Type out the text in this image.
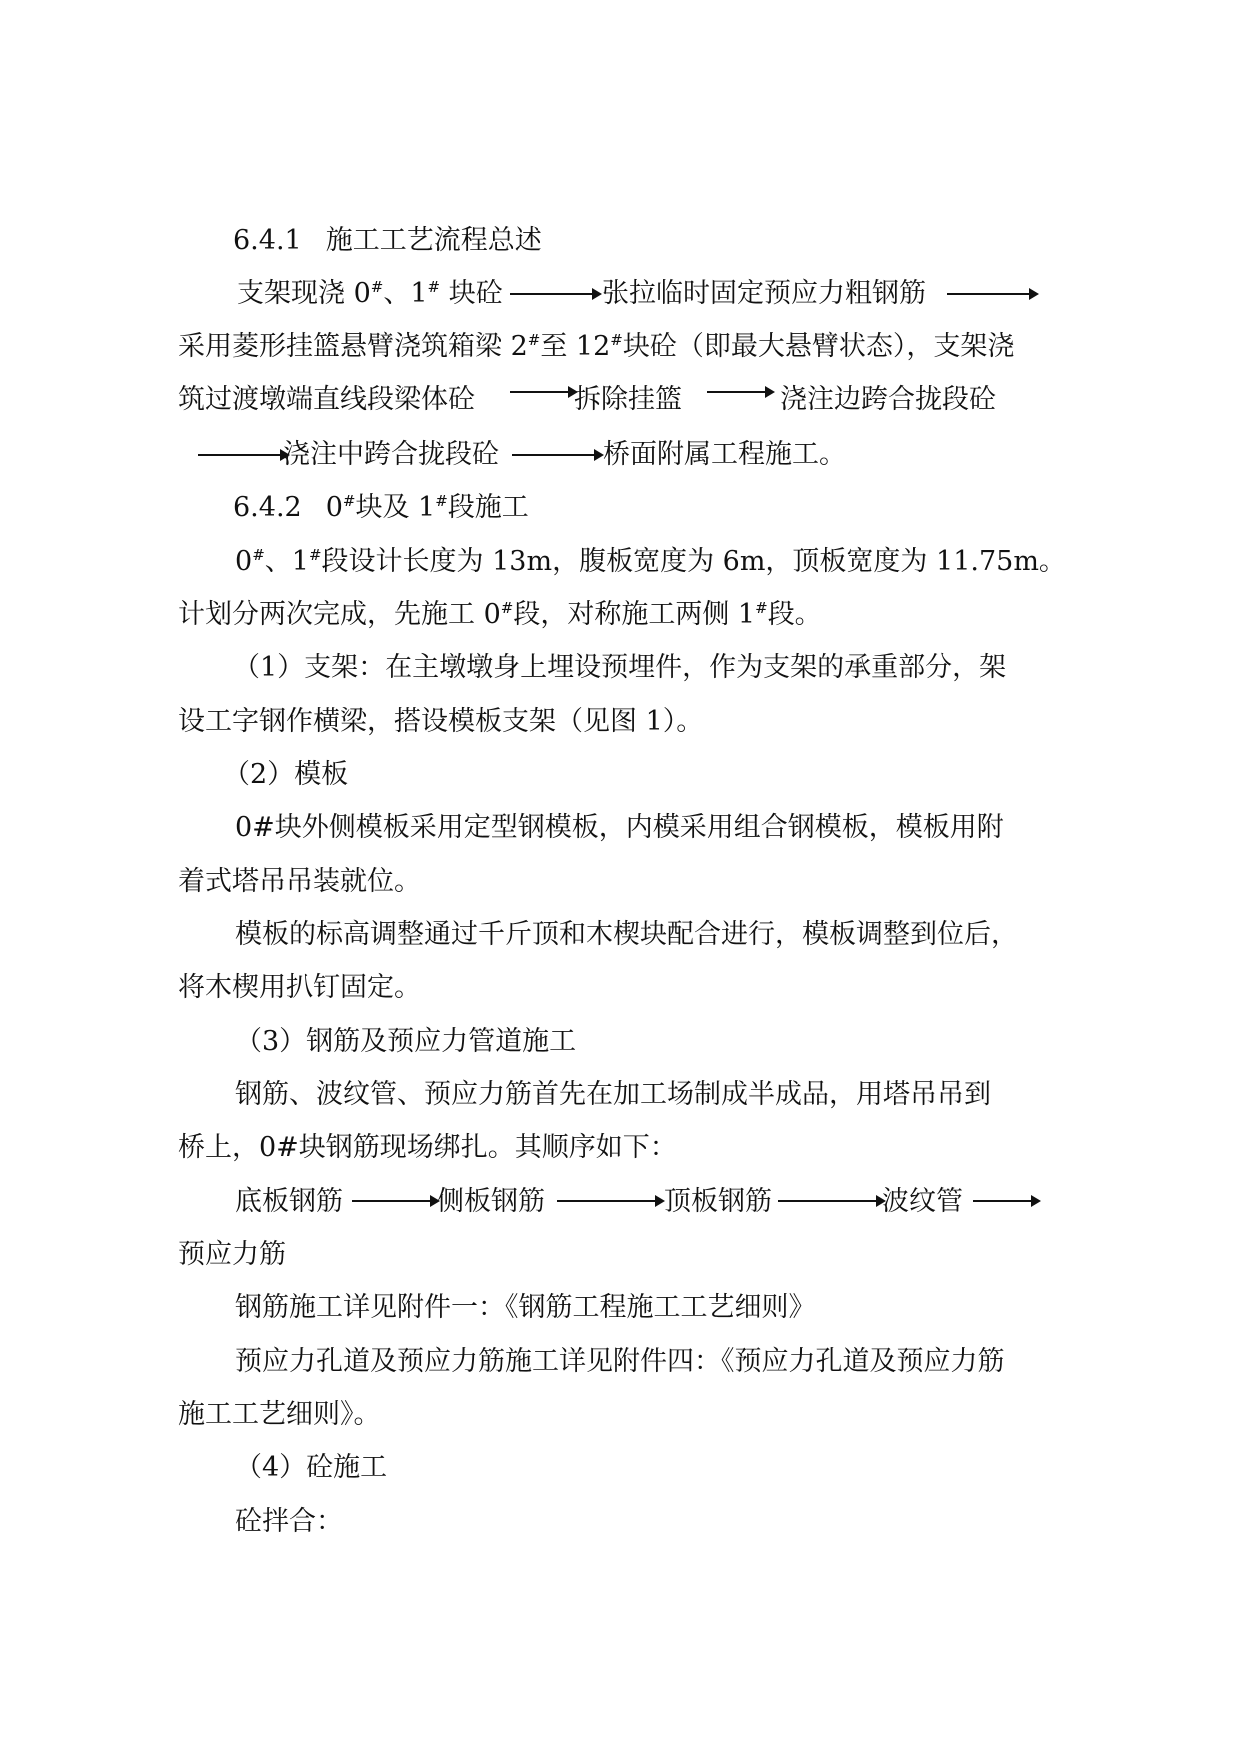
6.4.1 施工工艺流程总述
支架现浇 0#、1# 块砼	张拉临时固定预应力粗钢筋
采用菱形挂篮悬臂浇筑箱梁 2#至 12#块砼（即最大悬臂状态），支架浇
筑过渡墩端直线段梁体砼	拆除挂篮	浇注边跨合拢段砼
浇注中跨合拢段砼	桥面附属工程施工。
6.4.2 0#块及 1#段施工
0#、1#段设计长度为 13m，腹板宽度为 6m，顶板宽度为 11.75m。
计划分两次完成，先施工 0#段，对称施工两侧 1#段。
（1）支架：在主墩墩身上埋设预埋件，作为支架的承重部分，架
设工字钢作横梁，搭设模板支架（见图 1）。
（2）模板
0#块外侧模板采用定型钢模板，内模采用组合钢模板，模板用附
着式塔吊吊装就位。
模板的标高调整通过千斤顶和木楔块配合进行，模板调整到位后，
将木楔用扒钉固定。
（3）钢筋及预应力管道施工
钢筋、波纹管、预应力筋首先在加工场制成半成品，用塔吊吊到
桥上，0#块钢筋现场绑扎。其顺序如下：
底板钢筋	侧板钢筋	顶板钢筋	波纹管
预应力筋
钢筋施工详见附件一：《钢筋工程施工工艺细则》
预应力孔道及预应力筋施工详见附件四：《预应力孔道及预应力筋
施工工艺细则》。
（4）砼施工
砼拌合：
